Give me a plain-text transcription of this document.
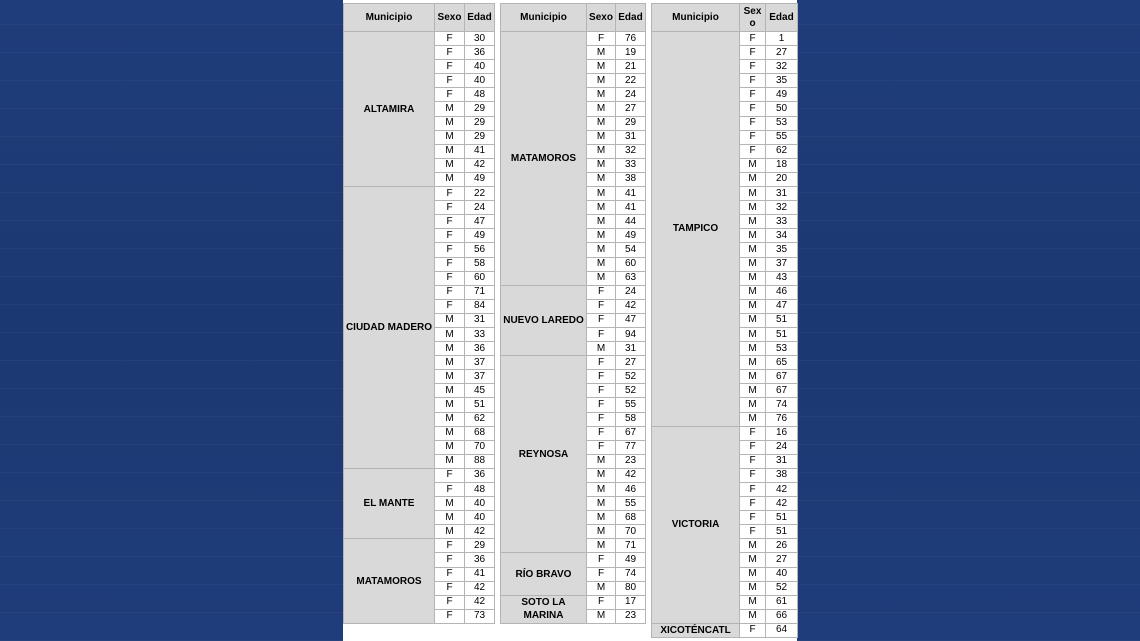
Municipio	Sexo	Edad
ALTAMIRA	F	30
	F	36
	F	40
	F	40
	F	48
	M	29
	M	29
	M	29
	M	41
	M	42
	M	49
CIUDAD MADERO	F	22
	F	24
	F	47
	F	49
	F	56
	F	58
	F	60
	F	71
	F	84
	M	31
	M	33
	M	36
	M	37
	M	37
	M	45
	M	51
	M	62
	M	68
	M	70
	M	88
EL MANTE	F	36
	F	48
	M	40
	M	40
	M	42
MATAMOROS	F	29
	F	36
	F	41
	F	42
	F	42
	F	73
Municipio	Sexo	Edad
MATAMOROS	F	76
	M	19
	M	21
	M	22
	M	24
	M	27
	M	29
	M	31
	M	32
	M	33
	M	38
	M	41
	M	41
	M	44
	M	49
	M	54
	M	60
	M	63
NUEVO LAREDO	F	24
	F	42
	F	47
	F	94
	M	31
REYNOSA	F	27
	F	52
	F	52
	F	55
	F	58
	F	67
	F	77
	M	23
	M	42
	M	46
	M	55
	M	68
	M	70
	M	71
RÍO BRAVO	F	49
	F	74
	M	80
SOTO LA MARINA	F	17
	M	23
Municipio	Sex o	Edad
TAMPICO	F	1
	F	27
	F	32
	F	35
	F	49
	F	50
	F	53
	F	55
	F	62
	M	18
	M	20
	M	31
	M	32
	M	33
	M	34
	M	35
	M	37
	M	43
	M	46
	M	47
	M	51
	M	51
	M	53
	M	65
	M	67
	M	67
	M	74
	M	76
VICTORIA	F	16
	F	24
	F	31
	F	38
	F	42
	F	42
	F	51
	F	51
	M	26
	M	27
	M	40
	M	52
	M	61
	M	66
XICOTÉNCATL	F	64
